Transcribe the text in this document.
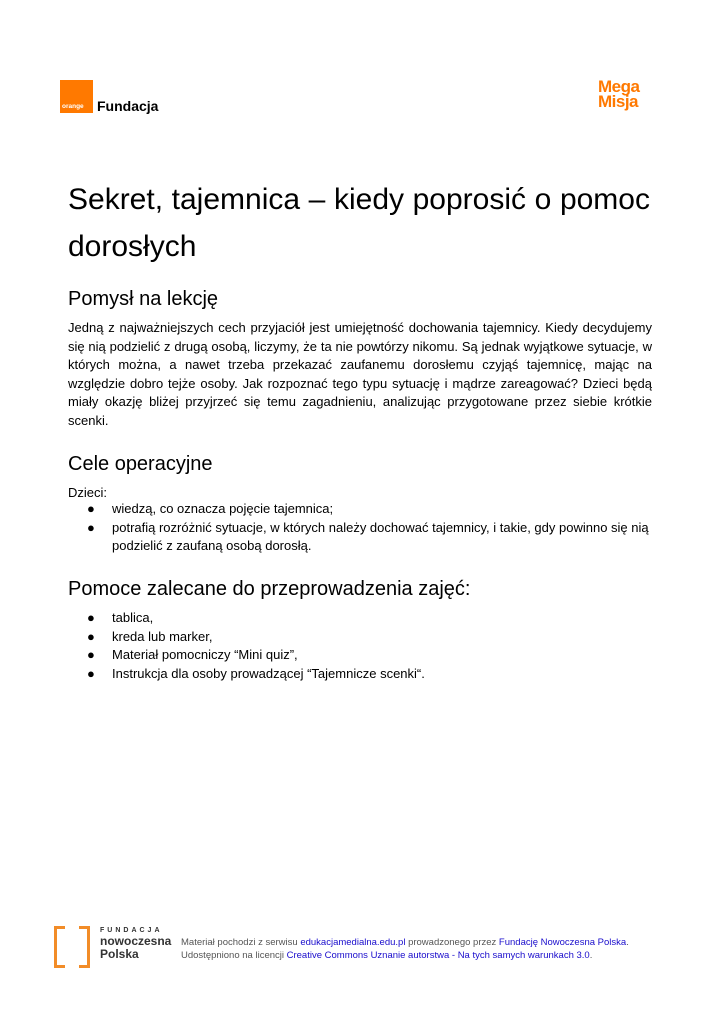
orange Fundacja
Mega
Misja
Sekret, tajemnica – kiedy poprosić o pomoc dorosłych
Pomysł na lekcję

Jedną z najważniejszych cech przyjaciół jest umiejętność dochowania tajemnicy. Kiedy decydujemy się nią podzielić z drugą osobą, liczymy, że ta nie powtórzy nikomu. Są jednak wyjątkowe sytuacje, w których można, a nawet trzeba przekazać zaufanemu dorosłemu czyjąś tajemnicę, mając na względzie dobro tejże osoby. Jak rozpoznać tego typu sytuację i mądrze zareagować? Dzieci będą miały okazję bliżej przyjrzeć się temu zagadnieniu, analizując przygotowane przez siebie krótkie scenki.

Cele operacyjne

Dzieci:

● wiedzą, co oznacza pojęcie tajemnica;
● potrafią rozróżnić sytuacje, w których należy dochować tajemnicy, i takie, gdy powinno się nią podzielić z zaufaną osobą dorosłą.
Pomoce zalecane do przeprowadzenia zajęć:
● tablica,
● kreda lub marker,
● Materiał pomocniczy “Mini quiz”,
● Instrukcja dla osoby prowadzącej “Tajemnicze scenki“.
FUNDACJA
nowoczesna
Polska
Materiał pochodzi z serwisu edukacjamedialna.edu.pl prowadzonego przez Fundację Nowoczesna Polska.
Udostępniono na licencji Creative Commons Uznanie autorstwa - Na tych samych warunkach 3.0.
